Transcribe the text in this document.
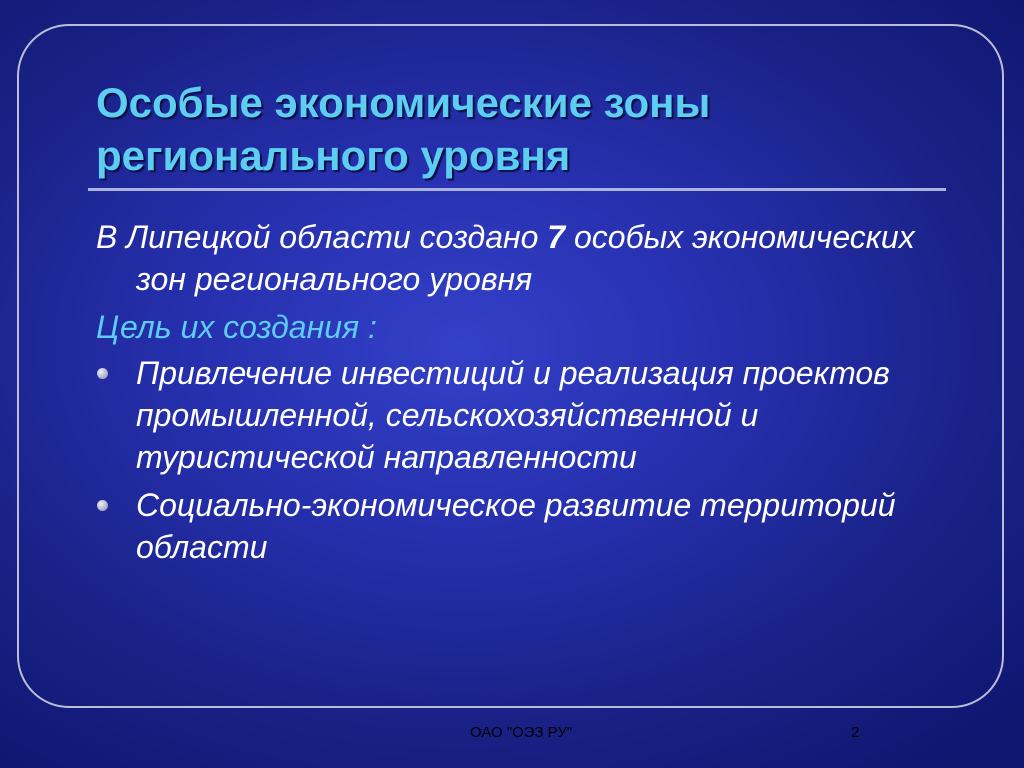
Особые экономические зоны регионального уровня

В Липецкой области создано 7 особых экономических зон регионального уровня

Цель их создания :

Привлечение инвестиций и реализация проектов промышленной, сельскохозяйственной и туристической направленности
Социально-экономическое развитие территорий области
ОАО "ОЭЗ РУ"	2
